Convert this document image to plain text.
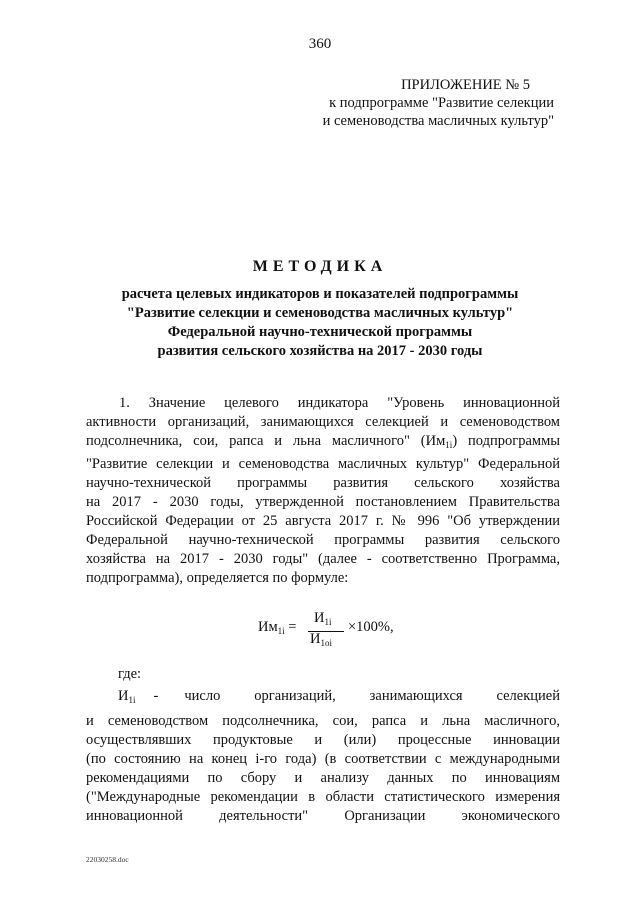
360
ПРИЛОЖЕНИЕ № 5
к подпрограмме "Развитие селекции
и семеноводства масличных культур"
МЕТОДИКА
расчета целевых индикаторов и показателей подпрограммы
"Развитие селекции и семеноводства масличных культур"
Федеральной научно-технической программы
развития сельского хозяйства на 2017 - 2030 годы
1. Значение целевого индикатора "Уровень инновационной
активности организаций, занимающихся селекцией и семеноводством
подсолнечника, сои, рапса и льна масличного" $(Им_{1i})$ подпрограммы
"Развитие селекции и семеноводства масличных культур" Федеральной
научно-технической программы развития сельского хозяйства
на 2017 - 2030 годы, утвержденной постановлением Правительства
Российской Федерации от 25 августа 2017 г. № 996 "Об утверждении
Федеральной научно-технической программы развития сельского
хозяйства на 2017 - 2030 годы" (далее - соответственно Программа,
подпрограмма), определяется по формуле:
$Им_{1i}$ =
$И_{1i}$
$И_{1oi}$
×100%,
где:
$И_{1i}$	-	число организаций, занимающихся селекцией
и семеноводством подсолнечника, сои, рапса и льна масличного,
осуществлявших продуктовые и (или) процессные инновации
(по состоянию на конец i-го года) (в соответствии с международными
рекомендациями по сбору и анализу данных по инновациям
("Международные рекомендации в области статистического измерения
инновационной деятельности" Организации экономического
22030258.doc
